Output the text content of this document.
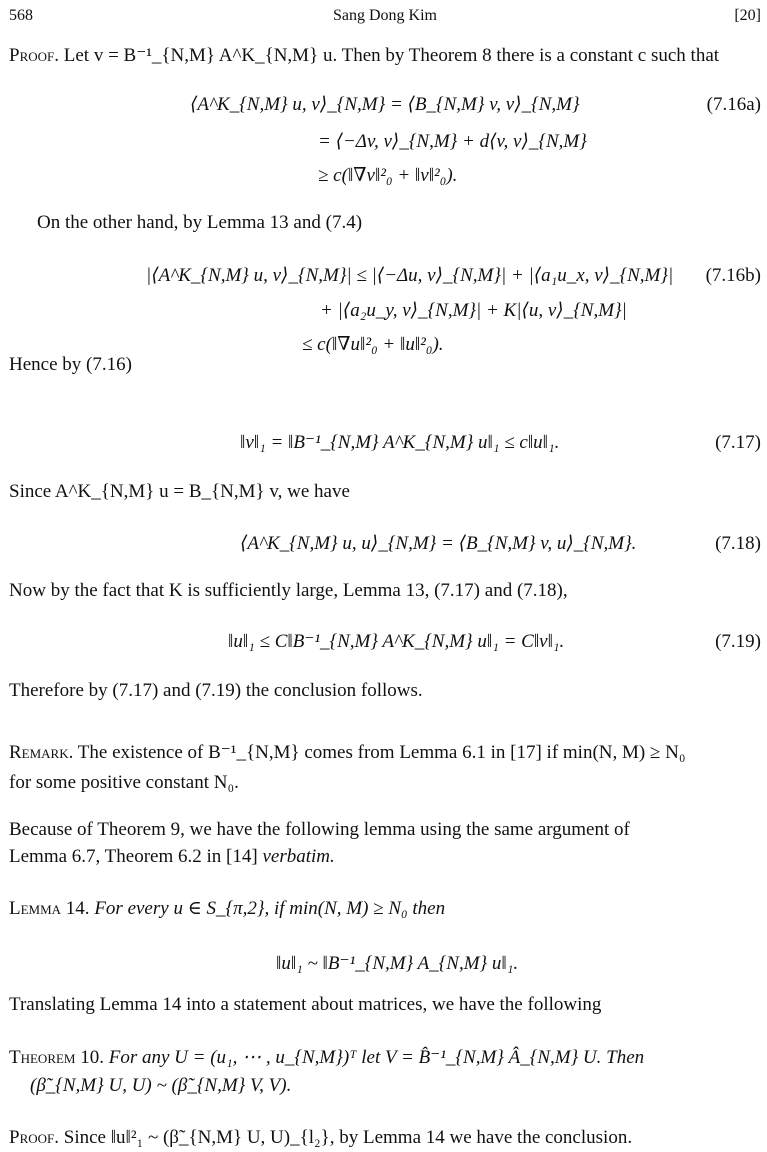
Sang Dong Kim
568	[20]
Proof. Let v = B⁻¹_{N,M} A^K_{N,M} u. Then by Theorem 8 there is a constant c such that
⟨A^K_{N,M} u, v⟩_{N,M} = ⟨B_{N,M} v, v⟩_{N,M}	(7.16a)
= ⟨−Δv, v⟩_{N,M} + d⟨v, v⟩_{N,M}
≥ c(‖∇v‖²₀ + ‖v‖²₀).
On the other hand, by Lemma 13 and (7.4)
|⟨A^K_{N,M} u, v⟩_{N,M}| ≤ |⟨−Δu, v⟩_{N,M}| + |⟨a₁u_x, v⟩_{N,M}| (7.16b)
+ |⟨a₂u_y, v⟩_{N,M}| + K|⟨u, v⟩_{N,M}|
≤ c(‖∇u‖²₀ + ‖u‖²₀).
Hence by (7.16)
‖v‖₁ = ‖B⁻¹_{N,M} A^K_{N,M} u‖₁ ≤ c‖u‖₁.	(7.17)
Since A^K_{N,M} u = B_{N,M} v, we have
⟨A^K_{N,M} u, u⟩_{N,M} = ⟨B_{N,M} v, u⟩_{N,M}.	(7.18)
Now by the fact that K is sufficiently large, Lemma 13, (7.17) and (7.18),
‖u‖₁ ≤ C‖B⁻¹_{N,M} A^K_{N,M} u‖₁ = C‖v‖₁.	(7.19)
Therefore by (7.17) and (7.19) the conclusion follows.
Remark. The existence of B⁻¹_{N,M} comes from Lemma 6.1 in [17] if min(N, M) ≥ N₀
for some positive constant N₀.
Because of Theorem 9, we have the following lemma using the same argument of
Lemma 6.7, Theorem 6.2 in [14] verbatim.
Lemma 14. For every u ∈ S_{π,2}, if min(N, M) ≥ N₀ then
‖u‖₁ ~ ‖B⁻¹_{N,M} A_{N,M} u‖₁.
Translating Lemma 14 into a statement about matrices, we have the following
Theorem 10. For any U = (u₁, ⋯ , u_{N,M})ᵀ let V = B̂⁻¹_{N,M} Â_{N,M} U. Then
(β̃_{N,M} U, U) ~ (β̃_{N,M} V, V).
Proof. Since ‖u‖²₁ ~ (β̃_{N,M} U, U)_{l₂}, by Lemma 14 we have the conclusion.
